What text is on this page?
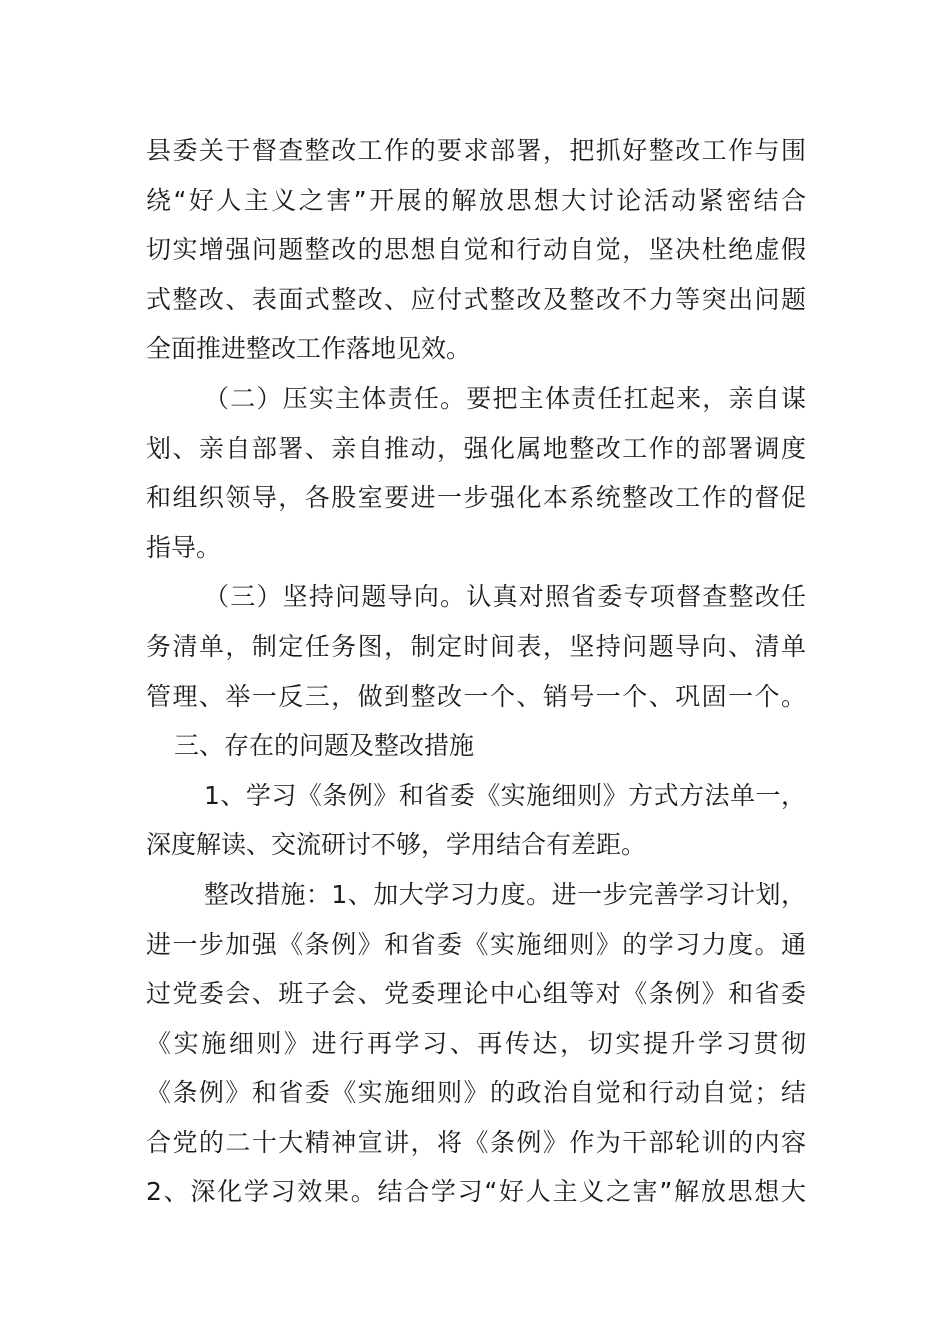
县委关于督查整改工作的要求部署，把抓好整改工作与围
绕“好人主义之害”开展的解放思想大讨论活动紧密结合
切实增强问题整改的思想自觉和行动自觉，坚决杜绝虚假
式整改、表面式整改、应付式整改及整改不力等突出问题
全面推进整改工作落地见效。
（二）压实主体责任。要把主体责任扛起来，亲自谋
划、亲自部署、亲自推动，强化属地整改工作的部署调度
和组织领导，各股室要进一步强化本系统整改工作的督促
指导。
（三）坚持问题导向。认真对照省委专项督查整改任
务清单，制定任务图，制定时间表，坚持问题导向、清单
管理、举一反三，做到整改一个、销号一个、巩固一个。
三、存在的问题及整改措施
1、学习《条例》和省委《实施细则》方式方法单一，
深度解读、交流研讨不够，学用结合有差距。
整改措施：1、加大学习力度。进一步完善学习计划，
进一步加强《条例》和省委《实施细则》的学习力度。通
过党委会、班子会、党委理论中心组等对《条例》和省委
《实施细则》进行再学习、再传达，切实提升学习贯彻
《条例》和省委《实施细则》的政治自觉和行动自觉；结
合党的二十大精神宣讲，将《条例》作为干部轮训的内容
2、深化学习效果。结合学习“好人主义之害”解放思想大
